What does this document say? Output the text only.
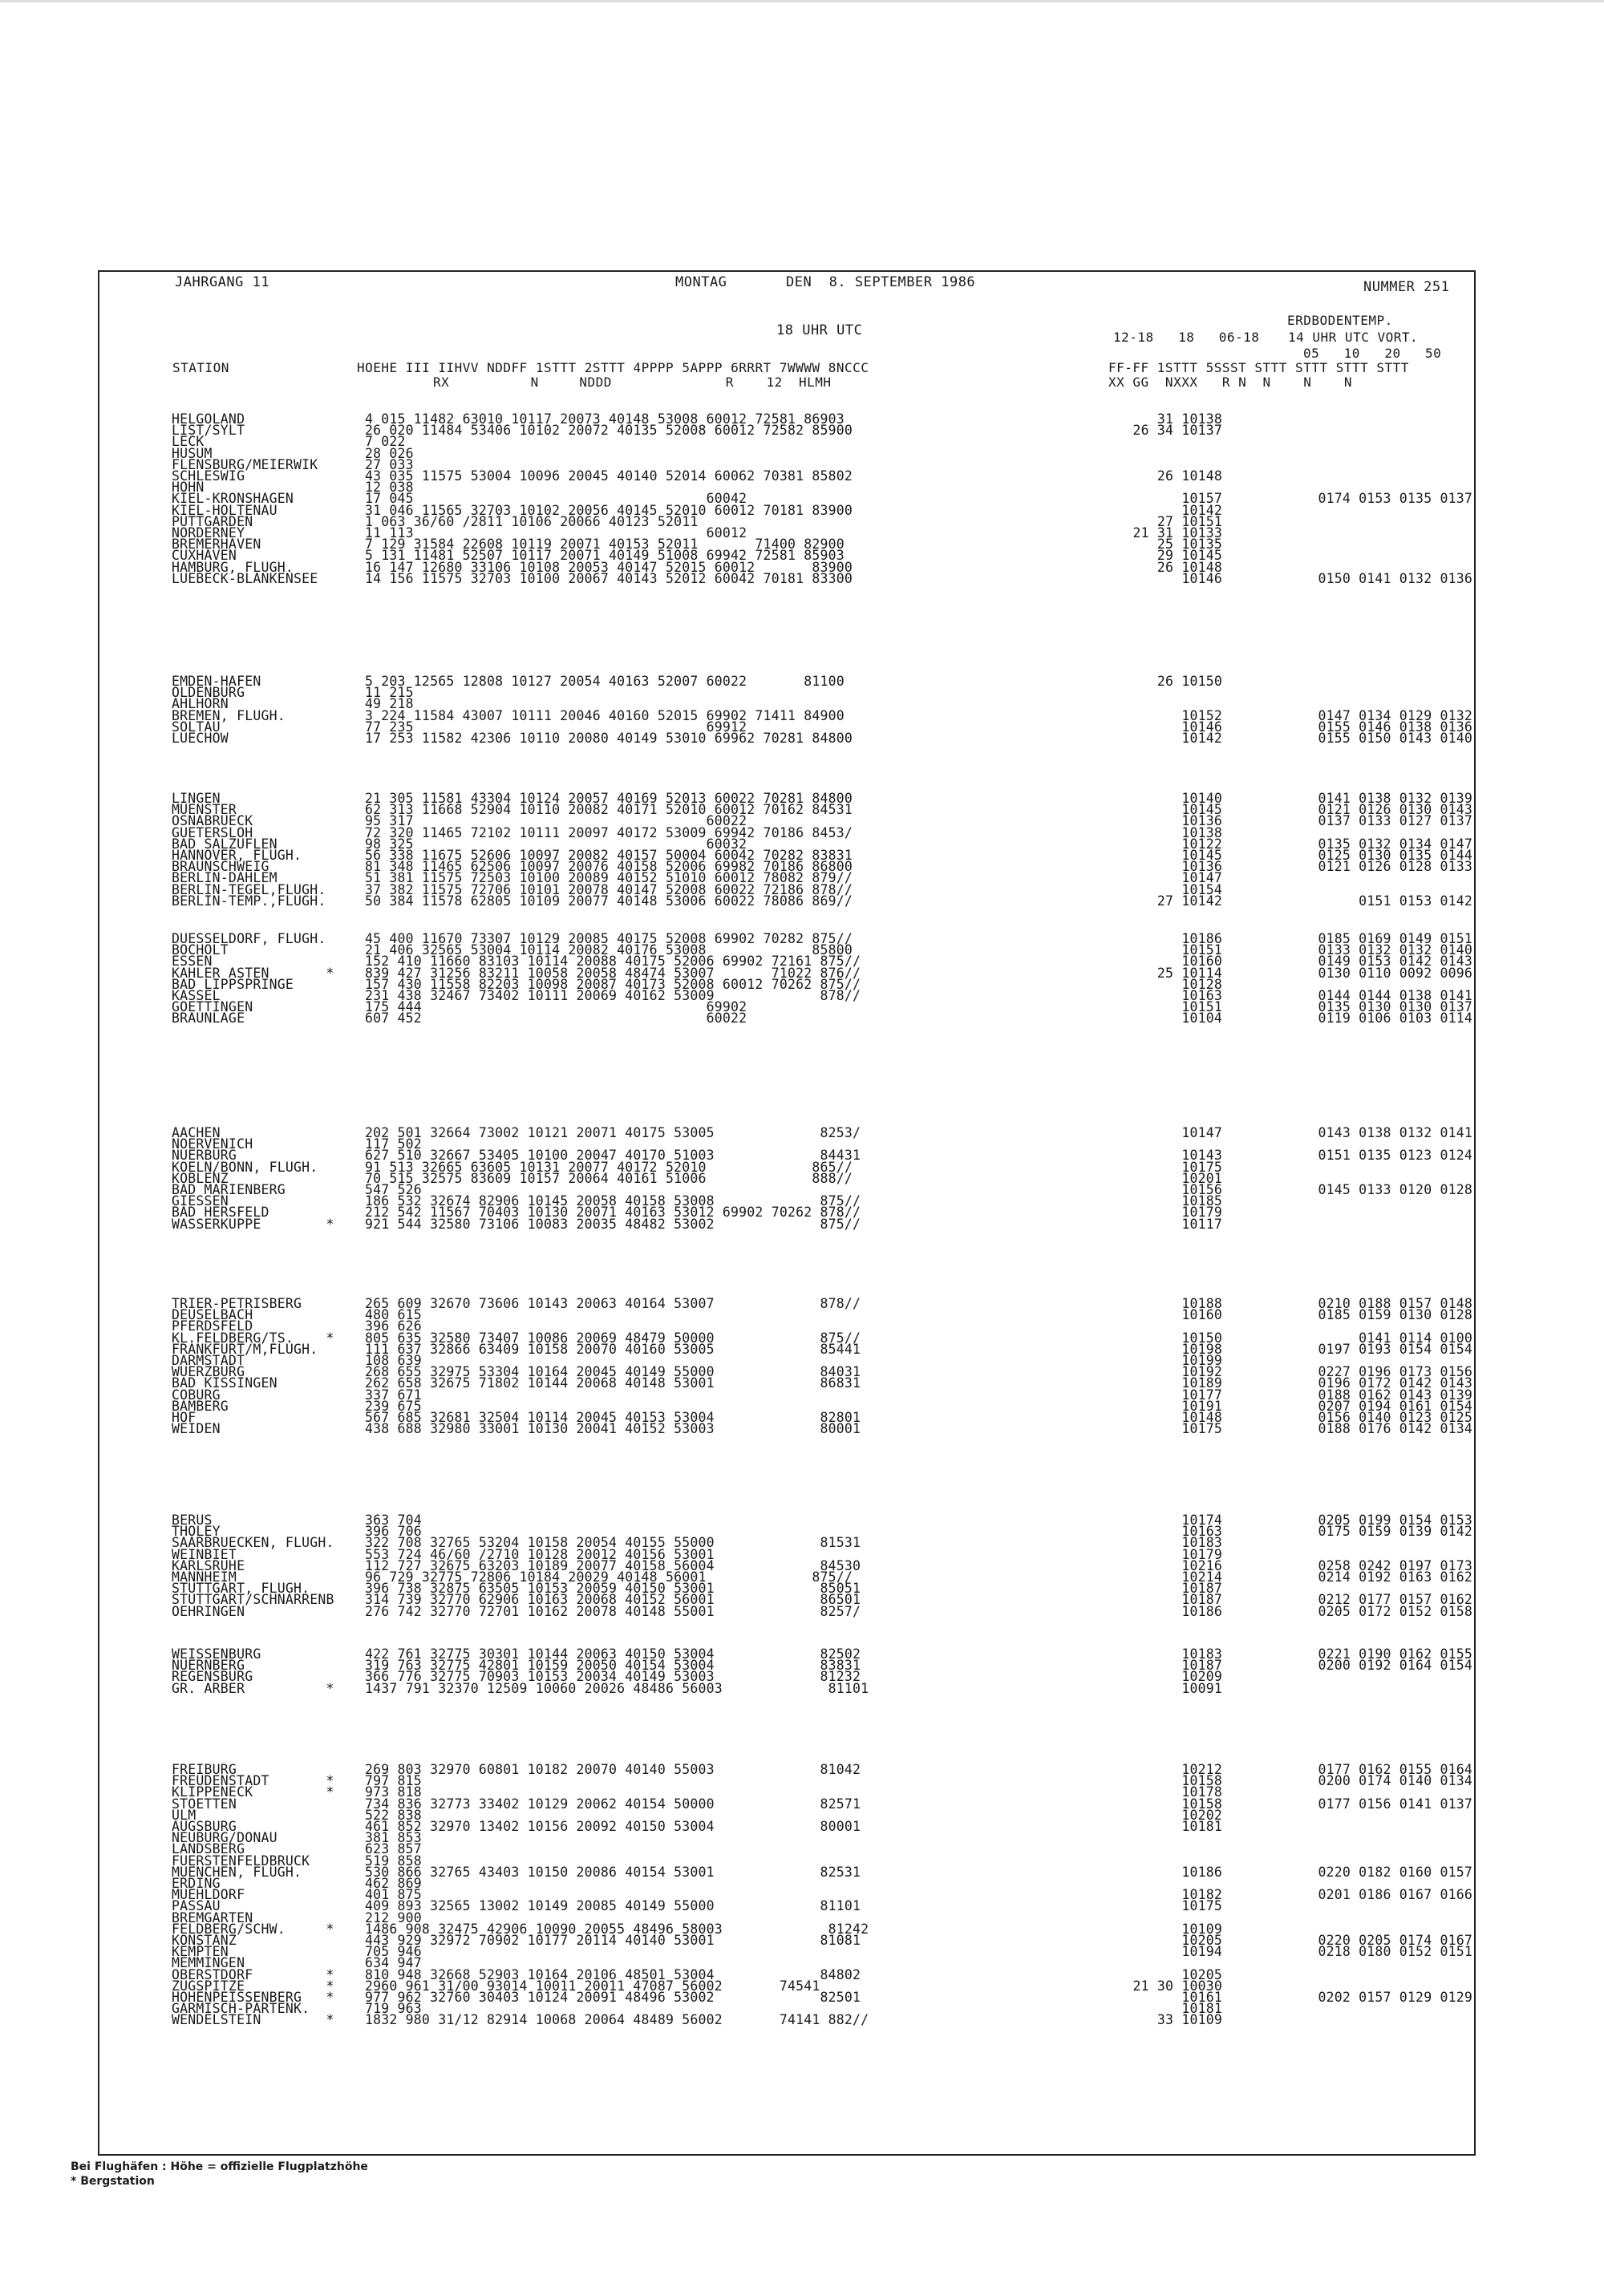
JAHRGANG 11	MONTAG	DEN  8. SEPTEMBER 1986	NUMMER 251
18 UHR UTC
ERDBODENTEMP.
12-18   18   06-18 14 UHR UTC VORT.
05   10   20   50
STATION	HOEHE III IIHVV NDDFF 1STTT 2STTT 4PPPP 5APPP 6RRRT 7WWWW 8NCCC
RX          N     NDDD              R    12  HLMH
FF-FF 1STTT 5SSST STTT STTT STTT STTT
XX GG  NXXX   R N  N    N    N
HELGOLAND	4 015 11482 63010 10117 20073 40148 53008 60012 72581 86903	31 10138
LIST/SYLT	26 020 11484 53406 10102 20072 40135 52008 60012 72582 85900	26 34 10137
LECK	7 022
HUSUM	28 026
FLENSBURG/MEIERWIK	27 033
SCHLESWIG	43 035 11575 53004 10096 20045 40140 52014 60062 70381 85802	26 10148
HOHN	12 038
KIEL-KRONSHAGEN	17 045                                    60042	10157	0174 0153 0135 0137
KIEL-HOLTENAU	31 046 11565 32703 10102 20056 40145 52010 60012 70181 83900	10142
PUTTGARDEN	1 063 36/60 /2811 10106 20066 40123 52011	27 10151
NORDERNEY	11 113                                    60012	21 31 10133
BREMERHAVEN	7 129 31584 22608 10119 20071 40153 52011       71400 82900	25 10135
CUXHAVEN	5 131 11481 52507 10117 20071 40149 51008 69942 72581 85903	29 10145
HAMBURG, FLUGH.	16 147 12680 33106 10108 20053 40147 52015 60012       83900	26 10148
LUEBECK-BLANKENSEE	14 156 11575 32703 10100 20067 40143 52012 60042 70181 83300	10146	0150 0141 0132 0136
EMDEN-HAFEN	5 203 12565 12808 10127 20054 40163 52007 60022       81100	26 10150
OLDENBURG	11 215
AHLHORN	49 218
BREMEN, FLUGH.	3 224 11584 43007 10111 20046 40160 52015 69902 71411 84900	10152	0147 0134 0129 0132
SOLTAU	77 235                                    69912	10146	0155 0146 0138 0136
LUECHOW	17 253 11582 42306 10110 20080 40149 53010 69962 70281 84800	10142	0155 0150 0143 0140
LINGEN	21 305 11581 43304 10124 20057 40169 52013 60022 70281 84800	10140	0141 0138 0132 0139
MUENSTER	62 313 11668 52904 10110 20082 40171 52010 60012 70162 84531	10145	0121 0126 0130 0143
OSNABRUECK	95 317                                    60022	10136	0137 0133 0127 0137
GUETERSLOH	72 320 11465 72102 10111 20097 40172 53009 69942 70186 8453/	10138
BAD SALZUFLEN	98 325                                    60032	10122	0135 0132 0134 0147
HANNOVER, FLUGH.	56 338 11675 52606 10097 20082 40157 50004 60042 70282 83831	10145	0125 0130 0135 0144
BRAUNSCHWEIG	81 348 11465 62506 10097 20076 40158 52006 69982 70186 86800	10136	0121 0126 0128 0133
BERLIN-DAHLEM	51 381 11575 72503 10100 20089 40152 51010 60012 78082 879//	10147
BERLIN-TEGEL,FLUGH.	37 382 11575 72706 10101 20078 40147 52008 60022 72186 878//	10154
BERLIN-TEMP.,FLUGH.	50 384 11578 62805 10109 20077 40148 53006 60022 78086 869//	27 10142	0151 0153 0142
DUESSELDORF, FLUGH.	45 400 11670 73307 10129 20085 40175 52008 69902 70282 875//	10186	0185 0169 0149 0151
BOCHOLT	21 406 32565 53004 10114 20082 40176 53008             85800	10151	0133 0132 0132 0140
ESSEN	152 410 11660 83103 10114 20088 40175 52006 69902 72161 875//	10160	0149 0153 0142 0143
KAHLER ASTEN       *	839 427 31256 83211 10058 20058 48474 53007       71022 876//	25 10114	0130 0110 0092 0096
BAD LIPPSPRINGE	157 430 11558 82203 10098 20087 40173 52008 60012 70262 875//	10128
KASSEL	231 438 32467 73402 10111 20069 40162 53009             878//	10163	0144 0144 0138 0141
GOETTINGEN	175 444                                   69902	10151	0135 0130 0130 0137
BRAUNLAGE	607 452                                   60022	10104	0119 0106 0103 0114
AACHEN	202 501 32664 73002 10121 20071 40175 53005             8253/	10147	0143 0138 0132 0141
NOERVENICH	117 502
NUERBURG	627 510 32667 53405 10100 20047 40170 51003             84431	10143	0151 0135 0123 0124
KOELN/BONN, FLUGH.	91 513 32665 63605 10131 20077 40172 52010             865//	10175
KOBLENZ	70 515 32575 83609 10157 20064 40161 51006             888//	10201
BAD MARIENBERG	547 526	10156	0145 0133 0120 0128
GIESSEN	186 532 32674 82906 10145 20058 40158 53008             875//	10185
BAD HERSFELD	212 542 11567 70403 10130 20071 40163 53012 69902 70262 878//	10179
WASSERKUPPE        *	921 544 32580 73106 10083 20035 48482 53002             875//	10117
TRIER-PETRISBERG	265 609 32670 73606 10143 20063 40164 53007             878//	10188	0210 0188 0157 0148
DEUSELBACH	480 615	10160	0185 0159 0130 0128
PFERDSFELD	396 626
KL.FELDBERG/TS.    *	805 635 32580 73407 10086 20069 48479 50000             875//	10150	0141 0114 0100
FRANKFURT/M,FLUGH.	111 637 32866 63409 10158 20070 40160 53005             85441	10198	0197 0193 0154 0154
DARMSTADT	108 639	10199
WUERZBURG	268 655 32975 53304 10164 20045 40149 55000             84031	10192	0227 0196 0173 0156
BAD KISSINGEN	262 658 32675 71802 10144 20068 40148 53001             86831	10189	0196 0172 0142 0143
COBURG	337 671	10177	0188 0162 0143 0139
BAMBERG	239 675	10191	0207 0194 0161 0154
HOF	567 685 32681 32504 10114 20045 40153 53004             82801	10148	0156 0140 0123 0125
WEIDEN	438 688 32980 33001 10130 20041 40152 53003             80001	10175	0188 0176 0142 0134
BERUS	363 704	10174	0205 0199 0154 0153
THOLEY	396 706	10163	0175 0159 0139 0142
SAARBRUECKEN, FLUGH.	322 708 32765 53204 10158 20054 40155 55000             81531	10183
WEINBIET	553 724 46/60 /2710 10128 20012 40156 53001	10179
KARLSRUHE	112 727 32675 63203 10189 20077 40158 56004             84530	10216	0258 0242 0197 0173
MANNHEIM	96 729 32775 72806 10184 20029 40148 56001             875//	10214	0214 0192 0163 0162
STUTTGART, FLUGH.	396 738 32875 63505 10153 20059 40150 53001             85051	10187
STUTTGART/SCHNARRENB	314 739 32770 62906 10163 20068 40152 56001             86501	10187	0212 0177 0157 0162
OEHRINGEN	276 742 32770 72701 10162 20078 40148 55001             8257/	10186	0205 0172 0152 0158
WEISSENBURG	422 761 32775 30301 10144 20063 40150 53004             82502	10183	0221 0190 0162 0155
NUERNBERG	319 763 32775 42801 10159 20050 40154 53004             83831	10187	0200 0192 0164 0154
REGENSBURG	366 776 32775 70903 10153 20034 40149 53003             81232	10209
GR. ARBER          *	1437 791 32370 12509 10060 20026 48486 56003             81101	10091
FREIBURG	269 803 32970 60801 10182 20070 40140 55003             81042	10212	0177 0162 0155 0164
FREUDENSTADT       *	797 815	10158	0200 0174 0140 0134
KLIPPENECK         *	973 818	10178
STOETTEN	734 836 32773 33402 10129 20062 40154 50000             82571	10158	0177 0156 0141 0137
ULM	522 838	10202
AUGSBURG	461 852 32970 13402 10156 20092 40150 53004             80001	10181
NEUBURG/DONAU	381 853
LANDSBERG	623 857
FUERSTENFELDBRUCK	519 858
MUENCHEN, FLUGH.	530 866 32765 43403 10150 20086 40154 53001             82531	10186	0220 0182 0160 0157
ERDING	462 869
MUEHLDORF	401 875	10182	0201 0186 0167 0166
PASSAU	409 893 32565 13002 10149 20085 40149 55000             81101	10175
BREMGARTEN	212 900
FELDBERG/SCHW.     *	1486 908 32475 42906 10090 20055 48496 58003             81242	10109
KONSTANZ	443 929 32972 70902 10177 20114 40140 53001             81081	10205	0220 0205 0174 0167
KEMPTEN	705 946	10194	0218 0180 0152 0151
MEMMINGEN	634 947
OBERSTDORF         *	810 948 32668 52903 10164 20106 48501 53004             84802	10205
ZUGSPITZE          *	2960 961 31/00 93014 10011 20011 47087 56002       74541	21 30 10030
HOHENPEISSENBERG   *	977 962 32760 30403 10124 20091 48496 53002             82501	10161	0202 0157 0129 0129
GARMISCH-PARTENK.	719 963	10181
WENDELSTEIN        *	1832 980 31/12 82914 10068 20064 48489 56002       74141 882//	33 10109
Bei Flughäfen : Höhe = offizielle Flugplatzhöhe
* Bergstation
